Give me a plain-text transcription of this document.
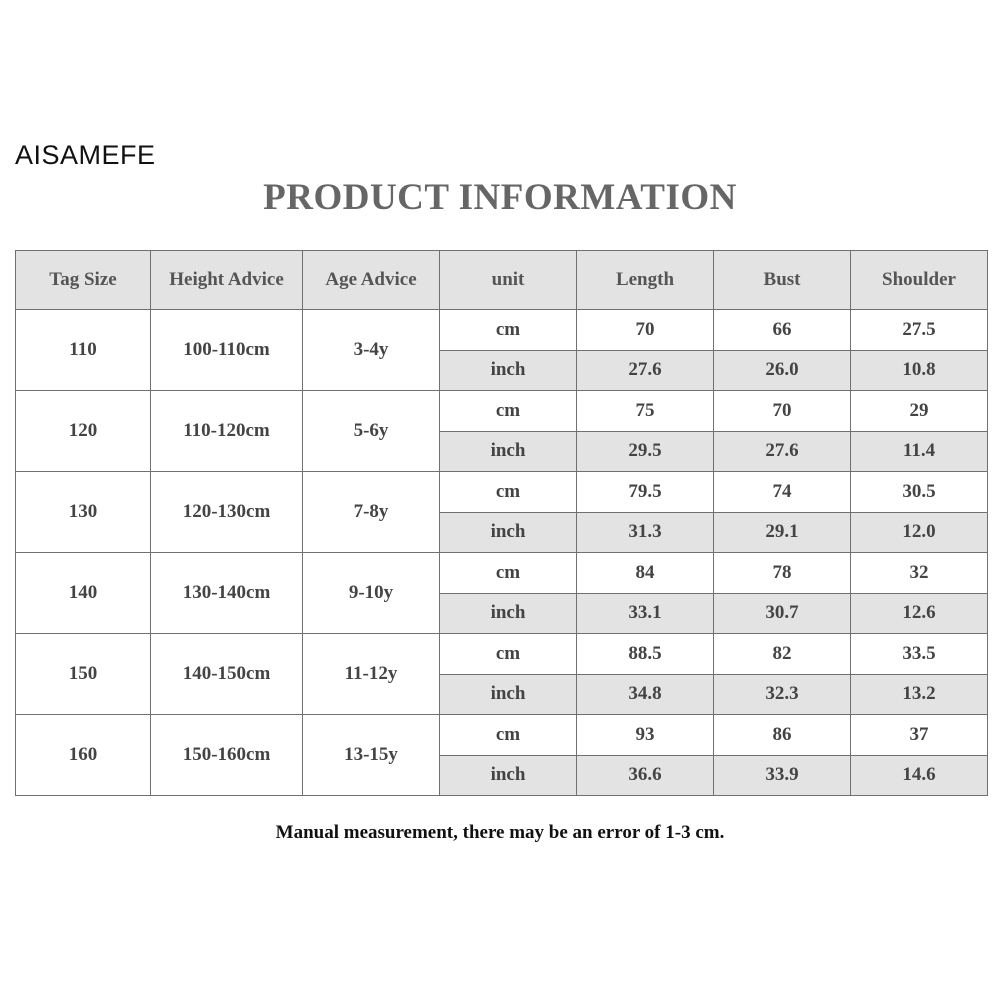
AISAMEFE
PRODUCT INFORMATION
Tag Size	Height Advice	Age Advice	unit	Length	Bust	Shoulder
110	100-110cm	3-4y	cm	70	66	27.5
			inch	27.6	26.0	10.8
120	110-120cm	5-6y	cm	75	70	29
			inch	29.5	27.6	11.4
130	120-130cm	7-8y	cm	79.5	74	30.5
			inch	31.3	29.1	12.0
140	130-140cm	9-10y	cm	84	78	32
			inch	33.1	30.7	12.6
150	140-150cm	11-12y	cm	88.5	82	33.5
			inch	34.8	32.3	13.2
160	150-160cm	13-15y	cm	93	86	37
			inch	36.6	33.9	14.6
Manual measurement, there may be an error of 1-3 cm.
